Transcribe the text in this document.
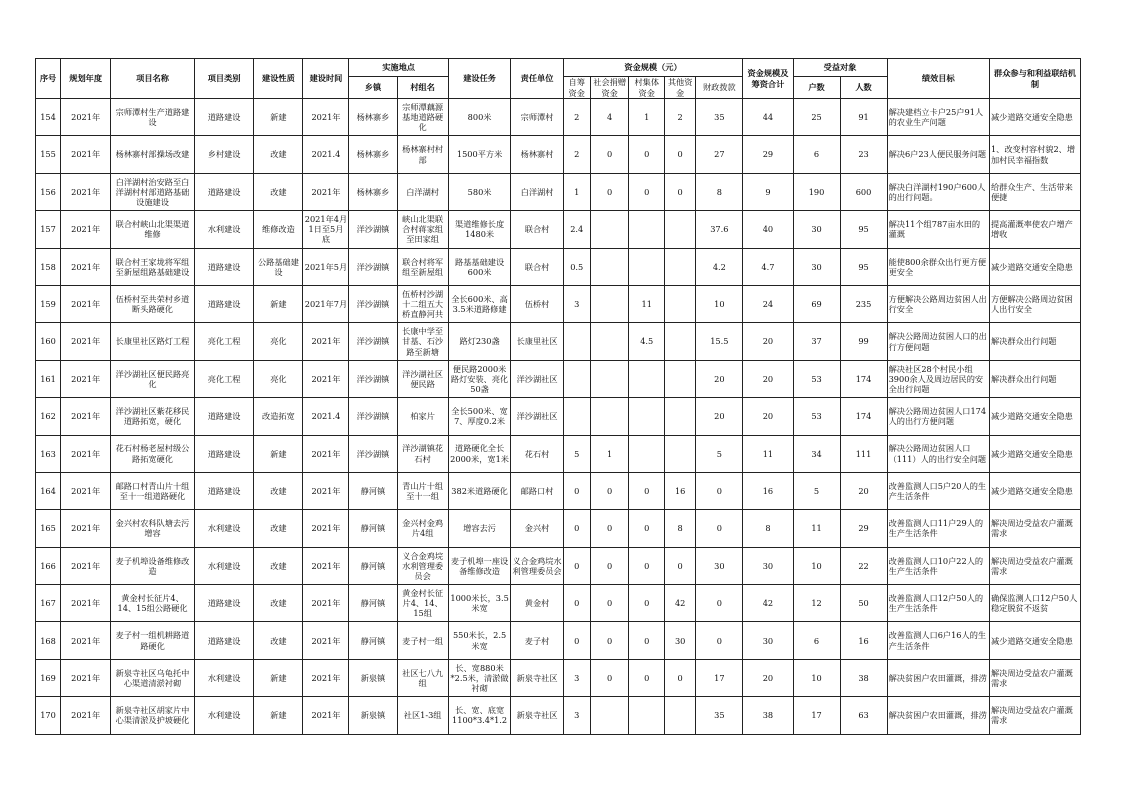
序号	规划年度	项目名称	项目类别	建设性质	建设时间	实施地点		建设任务	责任单位	资金规模（元）					资金规模及筹资合计	受益对象		绩效目标	群众参与和利益联结机制
						乡镇	村组名			自筹资金	社会捐赠资金	村集体资金	其他资金	财政拨款		户数	人数		
154	2021年	宗师潭村生产道路建设	道路建设	新建	2021年	杨林寨乡	宗师潭藕源基地道路硬化	800米	宗师潭村	2	4	1	2	35	44	25	91	解决建档立卡户25户91人的农业生产问题	减少道路交通安全隐患
155	2021年	杨林寨村部操场改建	乡村建设	改建	2021.4	杨林寨乡	杨林寨村村部	1500平方米	杨林寨村	2	0	0	0	27	29	6	23	解决6户23人便民服务问题	1、改变村容村貌2、增加村民幸福指数
156	2021年	白洋湖村治安路至白洋湖村村部道路基础设施建设	道路建设	改建	2021年	杨林寨乡	白洋湖村	580米	白洋湖村	1	0	0	0	8	9	190	600	解决白洋湖村190户600人的出行问题。	给群众生产、生活带来便捷
157	2021年	联合村峡山北渠渠道维修	水利建设	维修改造	2021年4月1日至5月底	洋沙湖镇	峡山北渠联合村蒋家组至田家组	渠道维修长度1480米	联合村	2.4				37.6	40	30	95	解决11个组787亩水田的灌溉	提高灌溉率使农户增产增收
158	2021年	联合村王家垅将军组至新屋组路基础建设	道路建设	公路基础建设	2021年5月	洋沙湖镇	联合村将军组至新屋组	路基基础建设600米	联合村	0.5				4.2	4.7	30	95	能使800余群众出行更方便更安全	减少道路交通安全隐患
159	2021年	伍桥村至共荣村乡道断头路硬化	道路建设	新建	2021年7月	洋沙湖镇	伍桥村沙湖十二组五大桥直静河共	全长600米、高3.5米道路修建	伍桥村	3		11		10	24	69	235	方便解决公路周边贫困人出行安全	方便解决公路周边贫困人出行安全
160	2021年	长康里社区路灯工程	亮化工程	亮化	2021年	洋沙湖镇	长康中学至甘基、石沙路至新塘	路灯230盏	长康里社区			4.5		15.5	20	37	99	解决公路周边贫困人口的出行方便问题	解决群众出行问题
161	2021年	洋沙湖社区便民路亮化	亮化工程	亮化	2021年	洋沙湖镇	洋沙湖社区便民路	便民路2000米路灯安装、亮化50盏	洋沙湖社区					20	20	53	174	解决社区28个村民小组3900余人及周边居民的安全出行问题	解决群众出行问题
162	2021年	洋沙湖社区紫花移民道路拓宽，硬化	道路建设	改造拓宽	2021.4	洋沙湖镇	柏家片	全长500米、宽7、厚度0.2米	洋沙湖社区					20	20	53	174	解决公路周边贫困人口174人的出行方便问题	减少道路交通安全隐患
163	2021年	花石村杨老屋村级公路拓宽硬化	道路建设	新建	2021年	洋沙湖镇	洋沙湖镇花石村	道路硬化全长2000米，宽1米	花石村	5	1			5	11	34	111	解决公路周边贫困人口（111）人的出行安全问题	减少道路交通安全隐患
164	2021年	邮路口村青山片十组至十一组道路硬化	道路建设	改建	2021年	静河镇	青山片十组至十一组	382米道路硬化	邮路口村	0	0	0	16	0	16	5	20	改善监测人口5户20人的生产生活条件	减少道路交通安全隐患
165	2021年	金兴村农科队塘去污增容	水利建设	改建	2021年	静河镇	金兴村金鸡片4组	增容去污	金兴村	0	0	0	8	0	8	11	29	改善监测人口11户29人的生产生活条件	解决周边受益农户灌溉需求
166	2021年	麦子机埠设备维修改造	水利建设	改建	2021年	静河镇	义合金鸡垸水利管理委员会	麦子机埠一座设备维修改造	义合金鸡垸水利管理委员会	0	0	0	0	30	30	10	22	改善监测人口10户22人的生产生活条件	解决周边受益农户灌溉需求
167	2021年	黄金村长征片4、14、15组公路硬化	道路建设	改建	2021年	静河镇	黄金村长征片4、14、15组	1000米长，3.5米宽	黄金村	0	0	0	42	0	42	12	50	改善监测人口12户50人的生产生活条件	确保监测人口12户50人稳定脱贫不返贫
168	2021年	麦子村一组机耕路道路硬化	道路建设	改建	2021年	静河镇	麦子村一组	550米长，2.5米宽	麦子村	0	0	0	30	0	30	6	16	改善监测人口6户16人的生产生活条件	减少道路交通安全隐患
169	2021年	新泉寺社区乌龟托中心渠道清淤衬砌	水利建设	新建	2021年	新泉镇	社区七八九组	长、宽880米*2.5米，清淤做衬砌	新泉寺社区	3	0	0	0	17	20	10	38	解决贫困户农田灌溉，排涝	解决周边受益农户灌溉需求
170	2021年	新泉寺社区胡家片中心渠清淤及护坡硬化	水利建设	新建	2021年	新泉镇	社区1-3组	长、宽、底宽1100*3.4*1.2	新泉寺社区	3				35	38	17	63	解决贫困户农田灌溉，排涝	解决周边受益农户灌溉需求
